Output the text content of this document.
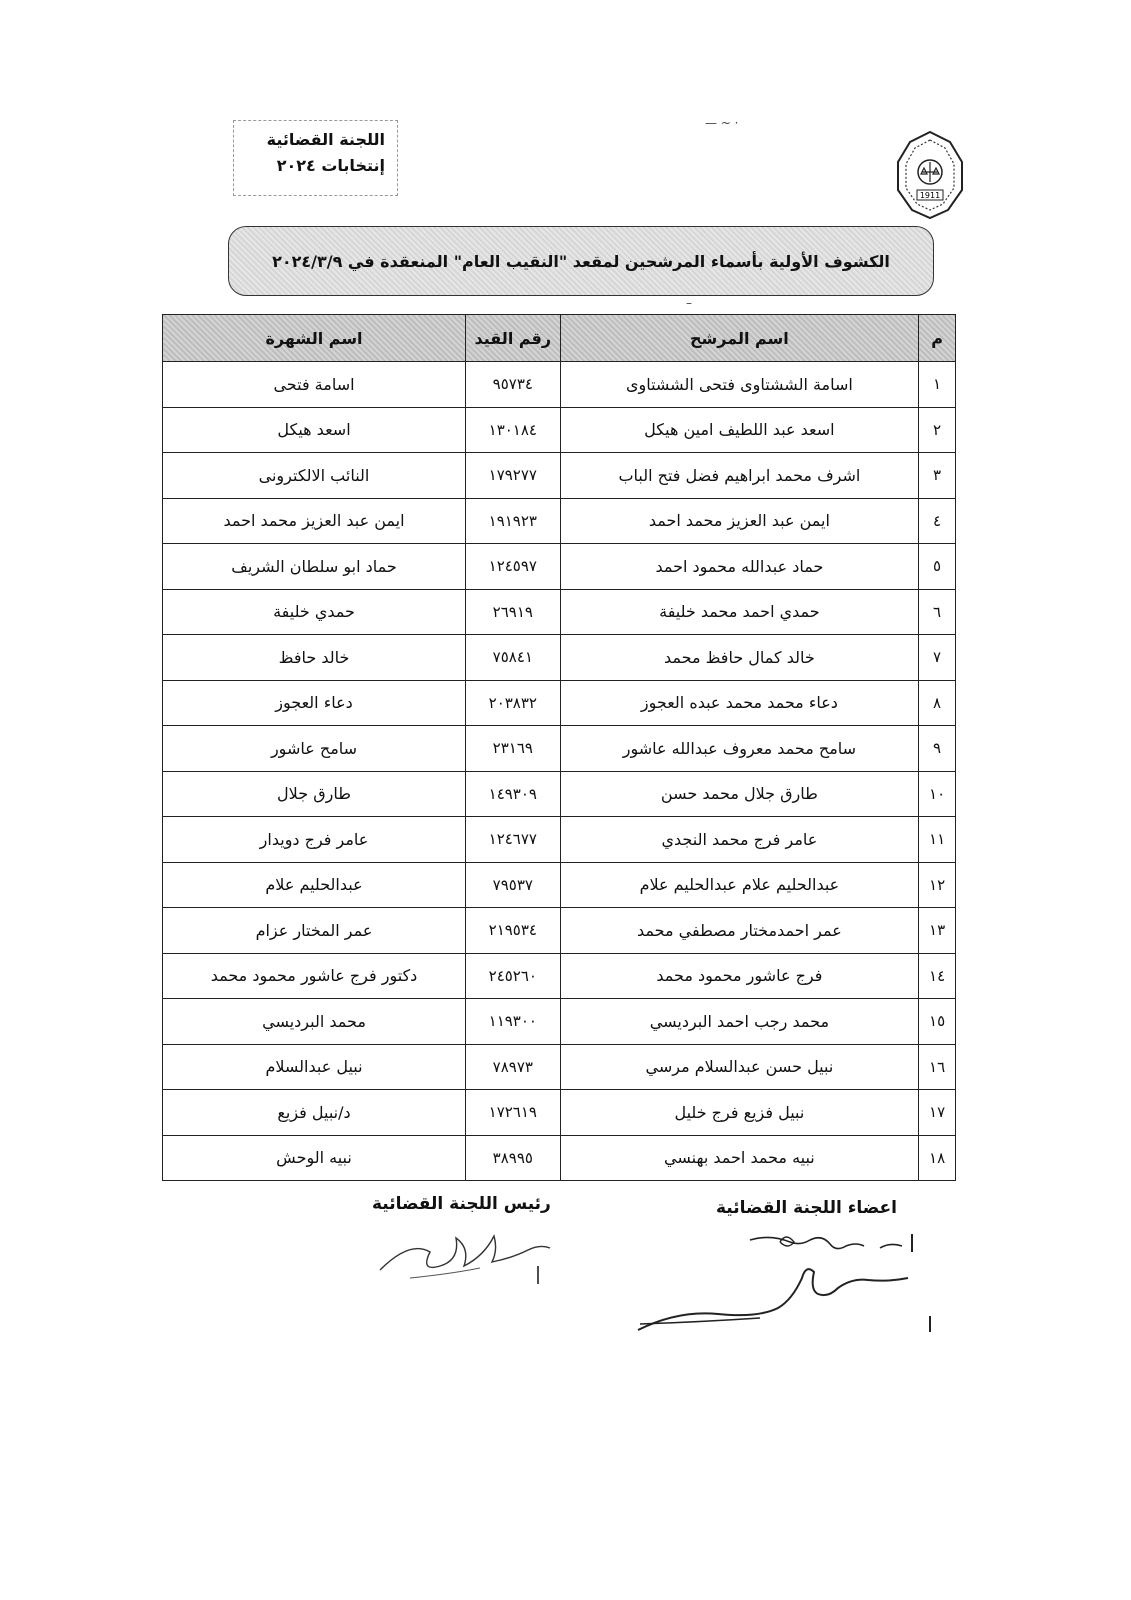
اللجنة القضائية
إنتخابات ٢٠٢٤
— ~ ·
–
1911
الكشوف الأولية بأسماء المرشحين لمقعد "النقيب العام" المنعقدة في ٢٠٢٤/٣/٩
م	اسم المرشح	رقم القيد	اسم الشهرة
١	اسامة الششتاوى فتحى الششتاوى	٩٥٧٣٤	اسامة فتحى
٢	اسعد عبد اللطيف امين هيكل	١٣٠١٨٤	اسعد هيكل
٣	اشرف محمد ابراهيم فضل فتح الباب	١٧٩٢٧٧	النائب الالكترونى
٤	ايمن عبد العزيز محمد احمد	١٩١٩٢٣	ايمن عبد العزيز محمد احمد
٥	حماد عبدالله محمود احمد	١٢٤٥٩٧	حماد ابو سلطان الشريف
٦	حمدي احمد محمد خليفة	٢٦٩١٩	حمدي خليفة
٧	خالد كمال حافظ محمد	٧٥٨٤١	خالد حافظ
٨	دعاء محمد محمد عبده العجوز	٢٠٣٨٣٢	دعاء العجوز
٩	سامح محمد معروف عبدالله عاشور	٢٣١٦٩	سامح عاشور
١٠	طارق جلال محمد حسن	١٤٩٣٠٩	طارق جلال
١١	عامر فرج محمد النجدي	١٢٤٦٧٧	عامر فرج دويدار
١٢	عبدالحليم علام عبدالحليم علام	٧٩٥٣٧	عبدالحليم علام
١٣	عمر احمدمختار مصطفي محمد	٢١٩٥٣٤	عمر المختار عزام
١٤	فرج عاشور محمود محمد	٢٤٥٢٦٠	دكتور فرج عاشور محمود محمد
١٥	محمد رجب احمد البرديسي	١١٩٣٠٠	محمد البرديسي
١٦	نبيل حسن عبدالسلام مرسي	٧٨٩٧٣	نبيل عبدالسلام
١٧	نبيل فزيع فرج خليل	١٧٢٦١٩	د/نبيل فزيع
١٨	نبيه محمد احمد بهنسي	٣٨٩٩٥	نبيه الوحش
اعضاء اللجنة القضائية
رئيس اللجنة القضائية
